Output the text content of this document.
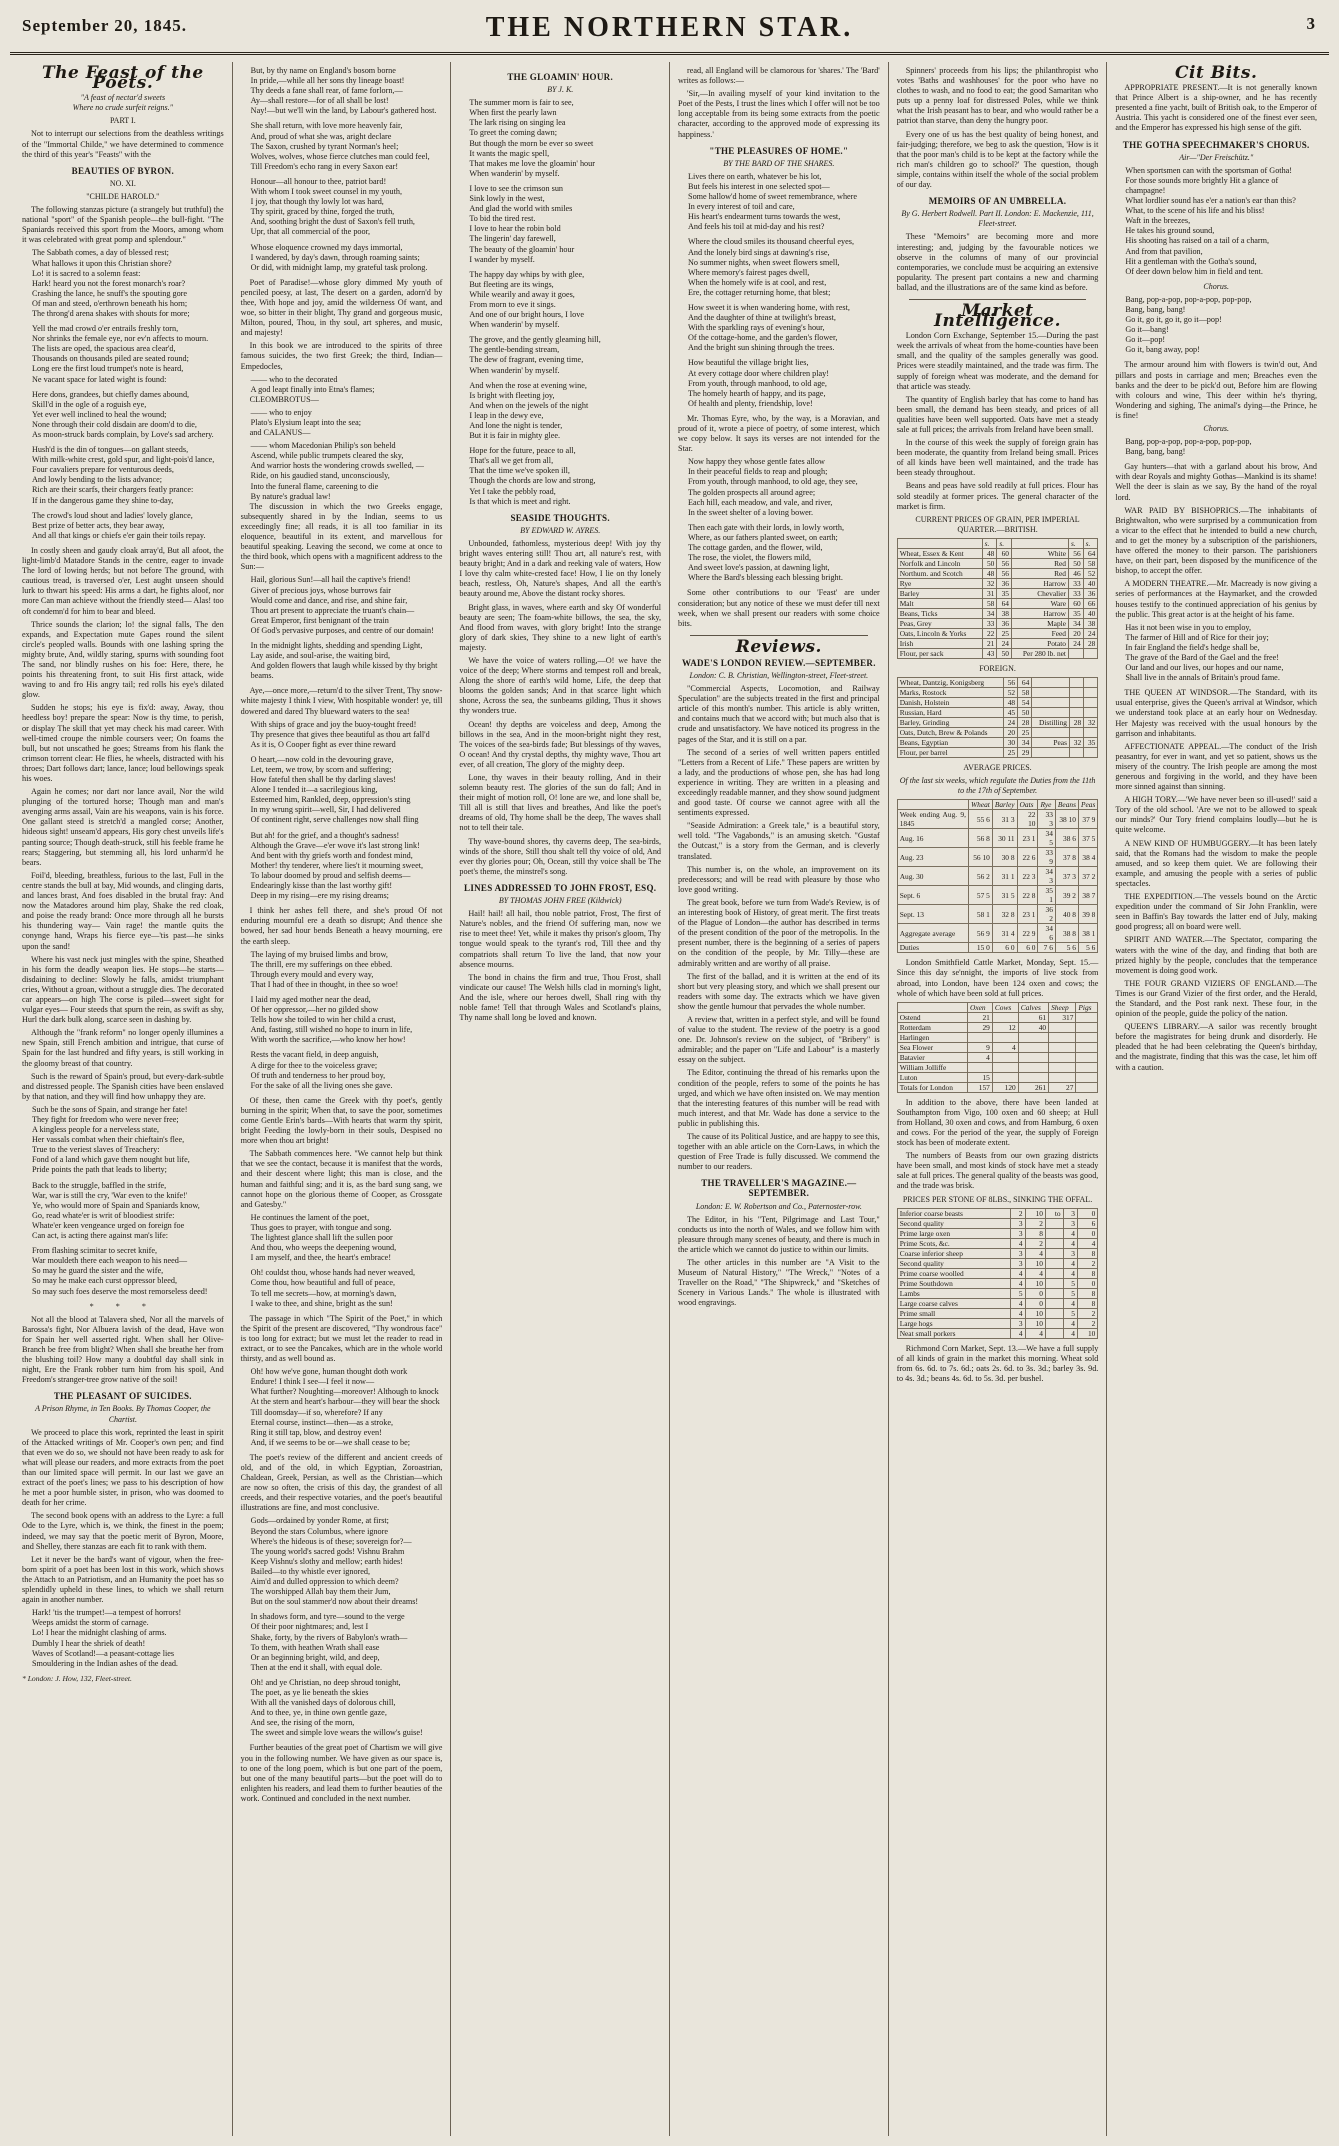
September 20, 1845.	THE NORTHERN STAR.	3
The Feast of the Poets.
"A feast of nectar'd sweets
Where no crude surfeit reigns."
PART I.

Not to interrupt our selections from the deathless writings of the "Immortal Childe," we have determined to commence the third of this year's "Feasts" with the

BEAUTIES OF BYRON.
NO. XI.
"CHILDE HAROLD."

The following stanzas picture (a strangely but truthful) the national "sport" of the Spanish people—the bull-fight. "The Spaniards received this sport from the Moors, among whom it was celebrated with great pomp and splendour."

The Sabbath comes, a day of blessed rest;

What hallows it upon this Christian shore?

Lo! it is sacred to a solemn feast:

Hark! heard you not the forest monarch's roar?

Crashing the lance, he snuff's the spouting gore

Of man and steed, o'erthrown beneath his horn;

The throng'd arena shakes with shouts for more;

Yell the mad crowd o'er entrails freshly torn,

Nor shrinks the female eye, nor ev'n affects to mourn.

The lists are oped, the spacious area clear'd,

Thousands on thousands piled are seated round;

Long ere the first loud trumpet's note is heard,

Ne vacant space for lated wight is found:

Here dons, grandees, but chiefly dames abound,

Skill'd in the ogle of a roguish eye,

Yet ever well inclined to heal the wound;

None through their cold disdain are doom'd to die,

As moon-struck bards complain, by Love's sad archery.

Hush'd is the din of tongues—on gallant steeds,

With milk-white crest, gold spur, and light-pois'd lance,

Four cavaliers prepare for venturous deeds,

And lowly bending to the lists advance;

Rich are their scarfs, their chargers featly prance:

If in the dangerous game they shine to-day,

The crowd's loud shout and ladies' lovely glance,

Best prize of better acts, they bear away,

And all that kings or chiefs e'er gain their toils repay.

In costly sheen and gaudy cloak array'd, But all afoot, the light-limb'd Matadore Stands in the centre, eager to invade The lord of lowing herds; but not before The ground, with cautious tread, is traversed o'er, Lest aught unseen should lurk to thwart his speed: His arms a dart, he fights aloof, nor more Can man achieve without the friendly steed— Alas! too oft condemn'd for him to bear and bleed.

Thrice sounds the clarion; lo! the signal falls, The den expands, and Expectation mute Gapes round the silent circle's peopled walls. Bounds with one lashing spring the mighty brute, And, wildly staring, spurns with sounding foot The sand, nor blindly rushes on his foe: Here, there, he points his threatening front, to suit His first attack, wide waving to and fro His angry tail; red rolls his eye's dilated glow.

Sudden he stops; his eye is fix'd: away, Away, thou heedless boy! prepare the spear: Now is thy time, to perish, or display The skill that yet may check his mad career. With well-timed croupe the nimble coursers veer; On foams the bull, but not unscathed he goes; Streams from his flank the crimson torrent clear: He flies, he wheels, distracted with his throes; Dart follows dart; lance, lance; loud bellowings speak his woes.

Again he comes; nor dart nor lance avail, Nor the wild plunging of the tortured horse; Though man and man's avenging arms assail, Vain are his weapons, vain is his force. One gallant steed is stretch'd a mangled corse; Another, hideous sight! unseam'd appears, His gory chest unveils life's panting source; Though death-struck, still his feeble frame he rears; Staggering, but stemming all, his lord unharm'd he bears.

Foil'd, bleeding, breathless, furious to the last, Full in the centre stands the bull at bay, Mid wounds, and clinging darts, and lances brast, And foes disabled in the brutal fray: And now the Matadores around him play, Shake the red cloak, and poise the ready brand: Once more through all he bursts his thundering way— Vain rage! the mantle quits the conynge hand, Wraps his fierce eye—'tis past—he sinks upon the sand!

Where his vast neck just mingles with the spine, Sheathed in his form the deadly weapon lies. He stops—he starts—disdaining to decline: Slowly he falls, amidst triumphant cries, Without a groan, without a struggle dies. The decorated car appears—on high The corse is piled—sweet sight for vulgar eyes— Four steeds that spurn the rein, as swift as shy, Hurl the dark bulk along, scarce seen in dashing by.

Although the "frank reform" no longer openly illumines a new Spain, still French ambition and intrigue, that curse of Spain for the last hundred and fifty years, is still working in the gloomy breast of that country.

Such is the reward of Spain's proud, but every-dark-subtle and distressed people. The Spanish cities have been enslaved by that nation, and they will find how unhappy they are.

Such be the sons of Spain, and strange her fate!

They fight for freedom who were never free;

A kingless people for a nerveless state,

Her vassals combat when their chieftain's flee,

True to the veriest slaves of Treachery:

Fond of a land which gave them nought but life,

Pride points the path that leads to liberty;

Back to the struggle, baffled in the strife,

War, war is still the cry, 'War even to the knife!'

Ye, who would more of Spain and Spaniards know,

Go, read whate'er is writ of bloodiest strife:

Whate'er keen vengeance urged on foreign foe

Can act, is acting there against man's life:

From flashing scimitar to secret knife,

War mouldeth there each weapon to his need—

So may he guard the sister and the wife,

So may he make each curst oppressor bleed,

So may such foes deserve the most remorseless deed!

* * *

Not all the blood at Talavera shed, Nor all the marvels of Barossa's fight, Nor Albuera lavish of the dead, Have won for Spain her well asserted right. When shall her Olive-Branch be free from blight? When shall she breathe her from the blushing toil? How many a doubtful day shall sink in night, Ere the Frank robber turn him from his spoil, And Freedom's stranger-tree grow native of the soil!

THE PLEASANT OF SUICIDES.
A Prison Rhyme, in Ten Books. By Thomas Cooper, the Chartist.

We proceed to place this work, reprinted the least in spirit of the Attacked writings of Mr. Cooper's own pen; and find that even we do so, we should not have been ready to ask for what will please our readers, and more extracts from the poet than our limited space will permit. In our last we gave an extract of the poet's lines; we pass to his description of how he met a poor humble sister, in prison, who was doomed to death for her crime.

The second book opens with an address to the Lyre: a full Ode to the Lyre, which is, we think, the finest in the poem; indeed, we may say that the poetic merit of Byron, Moore, and Shelley, there stanzas are each fit to rank with them.

Let it never be the bard's want of vigour, when the free-born spirit of a poet has been lost in this work, which shows the Attach to an Patriotism, and an Humanity the poet has so splendidly upheld in these lines, to which we shall return again in another number.

Hark! 'tis the trumpet!—a tempest of horrors!

Weeps amidst the storm of carnage.

Lo! I hear the midnight clashing of arms.

Dumbly I hear the shriek of death!

Waves of Scotland!—a peasant-cottage lies

Smouldering in the Indian ashes of the dead.

* London: J. How, 132, Fleet-street.

But, by thy name on England's bosom borne

In pride,—while all her sons thy lineage boast!

Thy deeds a fane shall rear, of fame forlorn,—

Ay—shall restore—for of all shall be lost!

Nay!—but we'll win the land, by Labour's gathered host.

She shall return, with love more heavenly fair,

And, proud of what she was, aright declare

The Saxon, crushed by tyrant Norman's heel;

Wolves, wolves, whose fierce clutches man could feel,

Till Freedom's echo rang in every Saxon ear!

Honour—all honour to thee, patriot bard!

With whom I took sweet counsel in my youth,

I joy, that though thy lowly lot was hard,

Thy spirit, graced by thine, forged the truth,

And, soothing bright the dust of Saxon's fell truth,

Upr, that all commercial of the poor,

Whose eloquence crowned my days immortal,

I wandered, by day's dawn, through roaming saints;

Or did, with midnight lamp, my grateful task prolong.

Poet of Paradise!—whose glory dimmed My youth of penciled poesy, at last, The desert on a garden, adorn'd by thee, With hope and joy, amid the wilderness Of want, and woe, so bitter in their blight, Thy grand and gorgeous music, Milton, poured, Thou, in thy soul, art spheres, and music, and majesty!

In this book we are introduced to the spirits of three famous suicides, the two first Greek; the third, Indian—Empedocles,

—— who to the decorated

A god leapt finally into Etna's flames;

CLEOMBROTUS—

—— who to enjoy

Plato's Elysium leapt into the sea;

and CALANUS—

—— whom Macedonian Philip's son beheld

Ascend, while public trumpets cleared the sky,

And warrior hosts the wondering crowds swelled, —

Ride, on his gaudied stand, unconsciously,

Into the funeral flame, careening to die

By nature's gradual law!

The discussion in which the two Greeks engage, subsequently shared in by the Indian, seems to us exceedingly fine; all reads, it is all too familiar in its eloquence, beautiful in its extent, and marvellous for beautiful speaking. Leaving the second, we come at once to the third book, which opens with a magnificent address to the Sun:—

Hail, glorious Sun!—all hail the captive's friend!

Giver of precious joys, whose burrows fair

Would come and dance, and rise, and shine fair,

Thou art present to appreciate the truant's chain—

Great Emperor, first benignant of the train

Of God's pervasive purposes, and centre of our domain!

In the midnight lights, shedding and spending Light,

Lay aside, and soul-arise, the waiting bird,

And golden flowers that laugh while kissed by thy bright beams.

Aye,—once more,—return'd to the silver Trent, Thy snow-white majesty I think I view, With hospitable wonder! ye, till dowered and dared Thy blueward waters to the sea!

With ships of grace and joy the buoy-tought freed!

Thy presence that gives thee beautiful as thou art fall'd

As it is, O Cooper fight as ever thine reward

O heart,—now cold in the devouring grave,

Let, teem, we trow, by scorn and suffering;

How fateful then shall be thy darling slaves!

Alone I tended it—a sacrilegious king,

Esteemed him, Rankled, deep, oppression's sting

In my wrung spirit—well, Sir, I had delivered

Of continent right, serve challenges now shall fling

But ah! for the grief, and a thought's sadness!

Although the Grave—e'er wove it's last strong link!

And bent with thy griefs worth and fondest mind,

Mother! thy tenderer, where lies't it mourning sweet,

To labour doomed by proud and selfish deems—

Endearingly kisse than the last worthy gift!

Deep in my rising—ere my rising dreams;

I think her ashes fell there, and she's proud Of not enduring mournful ere a death so disrupt; And thence she bowed, her sad hour bends Beneath a heavy mourning, ere the earth sleep.

The laying of my bruised limbs and brow,

The thrill, ere my sufferings on thee ebbed.

Through every mould and every way,

That I had of thee in thought, in thee so woe!

I laid my aged mother near the dead,

Of her oppressor,—her no gilded show

Tells how she toiled to win her child a crust,

And, fasting, still wished no hope to inurn in life,

With worth the sacrifice,—who know her how!

Rests the vacant field, in deep anguish,

A dirge for thee to the voiceless grave;

Of truth and tenderness to her proud boy,

For the sake of all the living ones she gave.

Of these, then came the Greek with thy poet's, gently burning in the spirit; When that, to save the poor, sometimes come Gentle Erin's bards—With hearts that warm thy spirit, bright Feeding the lowly-born in their souls, Despised no more when thou art bright!

The Sabbath commences here. "We cannot help but think that we see the contact, because it is manifest that the words, and their descent where light; this man is close, and the human and faithful sing; and it is, as the bard sung sang, we cannot hope on the glorious theme of Cooper, as Crossgate and Gatesby."

He continues the lament of the poet,

Thus goes to prayer, with tongue and song.

The lightest glance shall lift the sullen poor

And thou, who weeps the deepening wound,

I am myself, and thee, the heart's embrace!

Oh! couldst thou, whose hands had never weaved,

Come thou, how beautiful and full of peace,

To tell me secrets—how, at morning's dawn,

I wake to thee, and shine, bright as the sun!

The passage in which "The Spirit of the Poet," in which the Spirit of the present are discovered, "Thy wondrous face" is too long for extract; but we must let the reader to read in extract, or to see the Pancakes, which are in the whole world thirsty, and as well bound as.

Oh! how we've gone, human thought doth work

Endure! I think I see—I feel it now—

What further? Noughting—moreover! Although to knock

At the stern and heart's harbour—they will bear the shock

Till doomsday—if so, wherefore? If any

Eternal course, instinct—then—as a stroke,

Ring it still tap, blow, and destroy even!

And, if we seems to be or—we shall cease to be;

The poet's review of the different and ancient creeds of old, and of the old, in which Egyptian, Zoroastrian, Chaldean, Greek, Persian, as well as the Christian—which are now so often, the crisis of this day, the grandest of all creeds, and their respective votaries, and the poet's beautiful illustrations are fine, and most conclusive.

Gods—ordained by yonder Rome, at first;

Beyond the stars Columbus, where ignore

Where's the hideous is of these; sovereign for?—

The young world's sacred gods! Vishnu Brahm

Keep Vishnu's slothy and mellow; earth hides!

Bailed—to thy whistle ever ignored,

Aim'd and dulled oppression to which deem?

The worshipped Allah bay them their Jum,

But on the soul stammer'd now about their dreams!

In shadows form, and tyre—sound to the verge

Of their poor nightmares; and, lest I

Shake, forty, by the rivers of Babylon's wrath—

To them, with heathen Wrath shall ease

Or an beginning bright, wild, and deep,

Then at the end it shall, with equal dole.

Oh! and ye Christian, no deep shroud tonight,

The poet, as ye lie beneath the skies

With all the vanished days of dolorous chill,

And to thee, ye, in thine own gentle gaze,

And see, the rising of the morn,

The sweet and simple love wears the willow's guise!

Further beauties of the great poet of Chartism we will give you in the following number. We have given as our space is, to one of the long poem, which is but one part of the poem, but one of the many beautiful parts—but the poet will do to enlighten his readers, and lead them to further beauties of the work. Continued and concluded in the next number.

THE GLOAMIN' HOUR.
BY J. K.

The summer morn is fair to see,

When first the pearly lawn

The lark rising on singing lea

To greet the coming dawn;

But though the morn be ever so sweet

It wants the magic spell,

That makes me love the gloamin' hour

When wanderin' by myself.

I love to see the crimson sun

Sink lowly in the west,

And glad the world with smiles

To bid the tired rest.

I love to hear the robin bold

The lingerin' day farewell,

The beauty of the gloamin' hour

I wander by myself.

The happy day whips by with glee,

But fleeting are its wings,

While wearily and away it goes,

From morn to eve it sings.

And one of our bright hours, I love

When wanderin' by myself.

The grove, and the gently gleaming hill,

The gentle-bending stream,

The dew of fragrant, evening time,

When wanderin' by myself.

And when the rose at evening wine,

Is bright with fleeting joy,

And when on the jewels of the night

I leap in the dewy eve,

And lone the night is tender,

But it is fair in mighty glee.

Hope for the future, peace to all,

That's all we get from all,

That the time we've spoken ill,

Though the chords are low and strong,

Yet I take the pebbly road,

Is that which is meet and right.

SEASIDE THOUGHTS.
BY EDWARD W. AYRES.

Unbounded, fathomless, mysterious deep! With joy thy bright waves entering still! Thou art, all nature's rest, with beauty bright; And in a dark and reeking vale of waters, How I love thy calm white-crested face! How, I lie on thy lonely beach, restless, Oh, Nature's shapes, And all the earth's beauty around me, Above the distant rocky shores.

Bright glass, in waves, where earth and sky Of wonderful beauty are seen; The foam-white billows, the sea, the sky, And flood from waves, with glory bright! Into the strange glory of dark skies, They shine to a new light of earth's majesty.

We have the voice of waters rolling,—O! we have the voice of the deep; Where storms and tempest roll and break, Along the shore of earth's wild home, Life, the deep that blooms the golden sands; And in that scarce light which shone, Across the sea, the sunbeams gilding, Thus it shows thy wonders true.

Ocean! thy depths are voiceless and deep, Among the billows in the sea, And in the moon-bright night they rest, The voices of the sea-birds fade; But blessings of thy waves, O ocean! And thy crystal depths, thy mighty wave, Thou art ever, of all creation, The glory of the mighty deep.

Lone, thy waves in their beauty rolling, And in their solemn beauty rest. The glories of the sun do fall; And in their might of motion roll, O! lone are we, and lone shall be, Till all is still that lives and breathes, And like the poet's dreams of old, Thy home shall be the deep, The waves shall not to tell their tale.

Thy wave-bound shores, thy caverns deep, The sea-birds, winds of the shore, Still thou shalt tell thy voice of old, And ever thy glories pour; Oh, Ocean, still thy voice shall be The poet's theme, the minstrel's song.

LINES ADDRESSED TO JOHN FROST, ESQ.
BY THOMAS JOHN FREE (Kildwick)

Hail! hail! all hail, thou noble patriot, Frost, The first of Nature's nobles, and the friend Of suffering man, now we rise to meet thee! Yet, while it makes thy prison's gloom, Thy tongue would speak to the tyrant's rod, Till thee and thy compatriots shall return To live the land, that now your absence mourns.

The bond in chains the firm and true, Thou Frost, shall vindicate our cause! The Welsh hills clad in morning's light, And the isle, where our heroes dwell, Shall ring with thy noble fame! Tell that through Wales and Scotland's plains, Thy name shall long be loved and known.

read, all England will be clamorous for 'shares.' The 'Bard' writes as follows:—

'Sir,—In availing myself of your kind invitation to the Poet of the Pests, I trust the lines which I offer will not be too long acceptable from its being some extracts from the poetic character, according to the approved mode of expressing its happiness.'

"THE PLEASURES OF HOME."
BY THE BARD OF THE SHARES.

Lives there on earth, whatever be his lot,

But feels his interest in one selected spot—

Some hallow'd home of sweet remembrance, where

In every interest of toil and care,

His heart's endearment turns towards the west,

And feels his toil at mid-day and his rest?

Where the cloud smiles its thousand cheerful eyes,

And the lonely bird sings at dawning's rise,

No summer nights, when sweet flowers smell,

Where memory's fairest pages dwell,

When the homely wife is at cool, and rest,

Ere, the cottager returning home, that blest;

How sweet it is when wandering home, with rest,

And the daughter of thine at twilight's breast,

With the sparkling rays of evening's hour,

Of the cottage-home, and the garden's flower,

And the bright sun shining through the trees.

How beautiful the village bright lies,

At every cottage door where children play!

From youth, through manhood, to old age,

The homely hearth of happy, and its page,

Of health and plenty, friendship, love!

Mr. Thomas Eyre, who, by the way, is a Moravian, and proud of it, wrote a piece of poetry, of some interest, which we copy below. It says its verses are not intended for the Star.

Now happy they whose gentle fates allow

In their peaceful fields to reap and plough;

From youth, through manhood, to old age, they see,

The golden prospects all around agree;

Each hill, each meadow, and vale, and river,

In the sweet shelter of a loving bower.

Then each gate with their lords, in lowly worth,

Where, as our fathers planted sweet, on earth;

The cottage garden, and the flower, wild,

The rose, the violet, the flowers mild,

And sweet love's passion, at dawning light,

Where the Bard's blessing each blessing bright.

Some other contributions to our 'Feast' are under consideration; but any notice of these we must defer till next week, when we shall present our readers with some choice bits.

Reviews.
WADE'S LONDON REVIEW.—SEPTEMBER.
London: C. B. Christian, Wellington-street, Fleet-street.

"Commercial Aspects, Locomotion, and Railway Speculation" are the subjects treated in the first and principal article of this month's number. This article is ably written, and contains much that we accord with; but much also that is crude and unsatisfactory. We have noticed its progress in the pages of the Star, and it is still on a par.

The second of a series of well written papers entitled "Letters from a Recent of Life." These papers are written by a lady, and the productions of whose pen, she has had long experience in writing. They are written in a pleasing and exceedingly readable manner, and they show sound judgment and good taste. Of course we cannot agree with all the sentiments expressed.

"Seaside Admiration: a Greek tale," is a beautiful story, well told. "The Vagabonds," is an amusing sketch. "Gustaf the Outcast," is a story from the German, and is cleverly translated.

This number is, on the whole, an improvement on its predecessors; and will be read with pleasure by those who love good writing.

The great book, before we turn from Wade's Review, is of an interesting book of History, of great merit. The first treats of the Plague of London—the author has described in terms of the present condition of the poor of the metropolis. In the present number, there is the beginning of a series of papers on the condition of the people, by Mr. Tilly—these are admirably written and are worthy of all praise.

The first of the ballad, and it is written at the end of its short but very pleasing story, and which we shall present our readers with some day. The extracts which we have given show the gentle humour that pervades the whole number.

A review that, written in a perfect style, and will be found of value to the student. The review of the poetry is a good one. Dr. Johnson's review on the subject, of "Bribery" is admirable; and the paper on "Life and Labour" is a masterly essay on the subject.

The Editor, continuing the thread of his remarks upon the condition of the people, refers to some of the points he has urged, and which we have often insisted on. We may mention that the interesting features of this number will be read with much interest, and that Mr. Wade has done a service to the public in publishing this.

The cause of its Political Justice, and are happy to see this, together with an able article on the Corn-Laws, in which the question of Free Trade is fully discussed. We commend the number to our readers.

THE TRAVELLER'S MAGAZINE.—SEPTEMBER.
London: E. W. Robertson and Co., Paternoster-row.

The Editor, in his "Tent, Pilgrimage and Last Tour," conducts us into the north of Wales, and we follow him with pleasure through many scenes of beauty, and there is much in the article which we cannot do justice to within our limits.

The other articles in this number are "A Visit to the Museum of Natural History," "The Wreck," "Notes of a Traveller on the Road," "The Shipwreck," and "Sketches of Scenery in Various Lands." The whole is illustrated with wood engravings.

Spinners' proceeds from his lips; the philanthropist who votes 'Baths and washhouses' for the poor who have no clothes to wash, and no food to eat; the good Samaritan who puts up a penny loaf for distressed Poles, while we think what the Irish peasant has to bear, and who would rather be a patriot than starve, than deny the hungry poor.

Every one of us has the best quality of being honest, and fair-judging; therefore, we beg to ask the question, 'How is it that the poor man's child is to be kept at the factory while the rich man's children go to school?' The question, though simple, contains within itself the whole of the social problem of our day.

MEMOIRS OF AN UMBRELLA.
By G. Herbert Rodwell. Part II. London: E. Mackenzie, 111, Fleet-street.

These "Memoirs" are becoming more and more interesting; and, judging by the favourable notices we observe in the columns of many of our provincial contemporaries, we conclude must be acquiring an extensive popularity. The present part contains a new and charming ballad, and the illustrations are of the same kind as before.

Market Intelligence.

London Corn Exchange, September 15.—During the past week the arrivals of wheat from the home-counties have been small, and the quality of the samples generally was good. Prices were steadily maintained, and the trade was firm. The supply of foreign wheat was moderate, and the demand for that article was steady.

The quantity of English barley that has come to hand has been small, the demand has been steady, and prices of all qualities have been well supported. Oats have met a steady sale at full prices; the arrivals from Ireland have been small.

In the course of this week the supply of foreign grain has been moderate, the quantity from Ireland being small. Prices of all kinds have been well maintained, and the trade has been steady throughout.

Beans and peas have sold readily at full prices. Flour has sold steadily at former prices. The general character of the market is firm.

CURRENT PRICES OF GRAIN, PER IMPERIAL QUARTER.—BRITISH.
	s.	s.		s.	s.
Wheat, Essex & Kent	48	60	White	56	64
Norfolk and Lincoln	50	56	Red	50	58
Northum. and Scotch	48	56	Red	46	52
Rye	32	36	Harrow	33	40
Barley	31	35	Chevalier	33	36
Malt	58	64	Ware	60	66
Beans, Ticks	34	38	Harrow	35	40
Peas, Grey	33	36	Maple	34	38
Oats, Lincoln & Yorks	22	25	Feed	20	24
Irish	21	24	Potato	24	28
Flour, per sack	43	50	Per 280 lb. net		
FOREIGN.
Wheat, Dantzig, Konigsberg	56	64			
Marks, Rostock	52	58			
Danish, Holstein	48	54			
Russian, Hard	45	50			
Barley, Grinding	24	28	Distilling	28	32
Oats, Dutch, Brew & Polands	20	25			
Beans, Egyptian	30	34	Peas	32	35
Flour, per barrel	25	29			
AVERAGE PRICES.
Of the last six weeks, which regulate the Duties from the 11th to the 17th of September.
	Wheat	Barley	Oats	Rye	Beans	Peas
Week ending Aug. 9, 1845	55 6	31 3	22 10	33 3	38 10	37 9
Aug. 16	56 8	30 11	23 1	34 5	38 6	37 5
Aug. 23	56 10	30 8	22 6	33 9	37 8	38 4
Aug. 30	56 2	31 1	22 3	34 3	37 3	37 2
Sept. 6	57 5	31 5	22 8	35 1	39 2	38 7
Sept. 13	58 1	32 8	23 1	36 2	40 8	39 8
Aggregate average	56 9	31 4	22 9	34 6	38 8	38 1
Duties	15 0	6 0	6 0	7 6	5 6	5 6

London Smithfield Cattle Market, Monday, Sept. 15.—Since this day se'nnight, the imports of live stock from abroad, into London, have been 124 oxen and cows; the whole of which have been sold at full prices.

	Oxen	Cows	Calves	Sheep	Pigs
Ostend	21		61	317	
Rotterdam	29	12	40		
Harlingen					
Sea Flower	9	4			
Batavier	4				
William Jolliffe					
Luton	15				
Totals for London	157	120	261	27	

In addition to the above, there have been landed at Southampton from Vigo, 100 oxen and 60 sheep; at Hull from Holland, 30 oxen and cows, and from Hamburg, 6 oxen and cows. For the period of the year, the supply of Foreign stock has been of moderate extent.

The numbers of Beasts from our own grazing districts have been small, and most kinds of stock have met a steady sale at full prices. The general quality of the beasts was good, and the trade was brisk.

PRICES PER STONE OF 8LBS., SINKING THE OFFAL.
Inferior coarse beasts	2	10	to	3	0
Second quality	3	2		3	6
Prime large oxen	3	8		4	0
Prime Scots, &c.	4	2		4	4
Coarse inferior sheep	3	4		3	8
Second quality	3	10		4	2
Prime coarse woolled	4	4		4	8
Prime Southdown	4	10		5	0
Lambs	5	0		5	8
Large coarse calves	4	0		4	8
Prime small	4	10		5	2
Large hogs	3	10		4	2
Neat small porkers	4	4		4	10

Richmond Corn Market, Sept. 13.—We have a full supply of all kinds of grain in the market this morning. Wheat sold from 6s. 6d. to 7s. 6d.; oats 2s. 6d. to 3s. 3d.; barley 3s. 9d. to 4s. 3d.; beans 4s. 6d. to 5s. 3d. per bushel.

Cit Bits.

APPROPRIATE PRESENT.—It is not generally known that Prince Albert is a ship-owner, and he has recently presented a fine yacht, built of British oak, to the Emperor of Austria. This yacht is considered one of the finest ever seen, and the Emperor has expressed his high sense of the gift.

THE GOTHA SPEECHMAKER'S CHORUS.
Air—"Der Freischütz."

When sportsmen can with the sportsman of Gotha!

For those sounds more brightly Hit a glance of champagne!

What lordlier sound has e'er a nation's ear than this?

What, to the scene of his life and his bliss!

Waft in the breezes,

He takes his ground sound,

His shooting has raised on a tail of a charm,

And from that pavilion,

Hit a gentleman with the Gotha's sound,

Of deer down below him in field and tent.

Chorus.

Bang, pop-a-pop, pop-a-pop, pop-pop,

Bang, bang, bang!

Go it, go it, go it, go it—pop!

Go it—bang!

Go it—pop!

Go it, bang away, pop!

The armour around him with flowers is twin'd out, And pillars and posts in carriage and men; Breaches even the banks and the deer to be pick'd out, Before him are flowing with colours and wine, This deer within he's thyring, Wondering and sighing, The animal's dying—the Prince, he is fine!

Chorus.

Bang, pop-a-pop, pop-a-pop, pop-pop,

Bang, bang, bang!

Gay hunters—that with a garland about his brow, And with dear Royals and mighty Gothas—Mankind is its shame! Well the deer is slain as we say, By the hand of the royal lord.

WAR PAID BY BISHOPRICS.—The inhabitants of Brightwalton, who were surprised by a communication from a vicar to the effect that he intended to build a new church, and to get the money by a subscription of the parishioners, have offered the money to their parson. The parishioners have, on their part, been disposed by the munificence of the bishop, to accept the offer.

A MODERN THEATRE.—Mr. Macready is now giving a series of performances at the Haymarket, and the crowded houses testify to the continued appreciation of his genius by the public. This great actor is at the height of his fame.

Has it not been wise in you to employ,

The farmer of Hill and of Rice for their joy;

In fair England the field's hedge shall be,

The grave of the Bard of the Gael and the free!

Our land and our lives, our hopes and our name,

Shall live in the annals of Britain's proud fame.

THE QUEEN AT WINDSOR.—The Standard, with its usual enterprise, gives the Queen's arrival at Windsor, which we understand took place at an early hour on Wednesday. Her Majesty was received with the usual honours by the garrison and inhabitants.

AFFECTIONATE APPEAL.—The conduct of the Irish peasantry, for ever in want, and yet so patient, shows us the misery of the country. The Irish people are among the most generous and forgiving in the world, and they have been more sinned against than sinning.

A HIGH TORY.—'We have never been so ill-used!' said a Tory of the old school. 'Are we not to be allowed to speak our minds?' Our Tory friend complains loudly—but he is quite welcome.

A NEW KIND OF HUMBUGGERY.—It has been lately said, that the Romans had the wisdom to make the people amused, and so keep them quiet. We are following their example, and amusing the people with a series of public spectacles.

THE EXPEDITION.—The vessels bound on the Arctic expedition under the command of Sir John Franklin, were seen in Baffin's Bay towards the latter end of July, making good progress; all on board were well.

SPIRIT AND WATER.—The Spectator, comparing the waters with the wine of the day, and finding that both are prized highly by the people, concludes that the temperance movement is doing good work.

THE FOUR GRAND VIZIERS OF ENGLAND.—The Times is our Grand Vizier of the first order, and the Herald, the Standard, and the Post rank next. These four, in the opinion of the people, guide the policy of the nation.

QUEEN'S LIBRARY.—A sailor was recently brought before the magistrates for being drunk and disorderly. He pleaded that he had been celebrating the Queen's birthday, and the magistrate, finding that this was the case, let him off with a caution.
